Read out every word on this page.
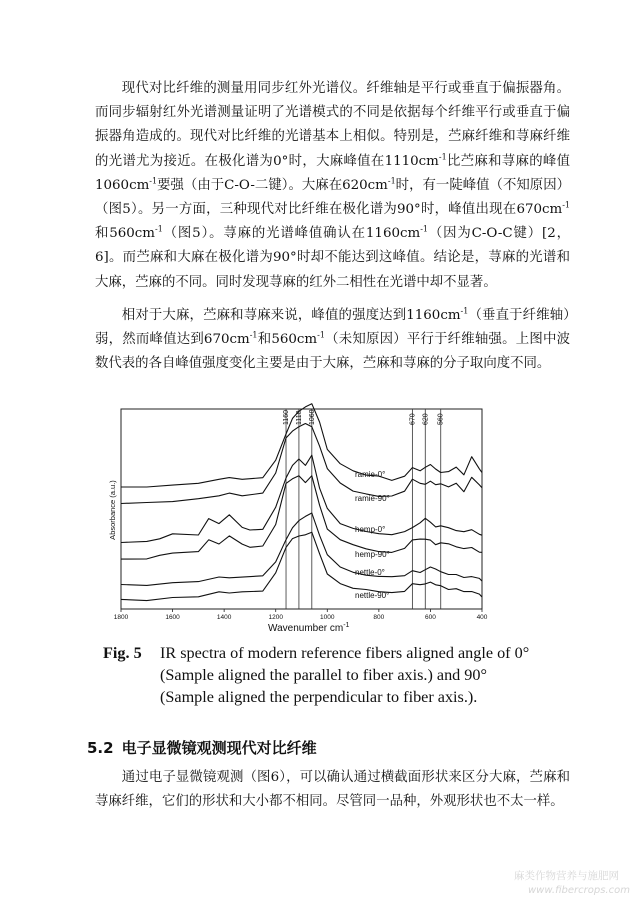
现代对比纤维的测量用同步红外光谱仪。纤维轴是平行或垂直于偏振器角。而同步辐射红外光谱测量证明了光谱模式的不同是依据每个纤维平行或垂直于偏振器角造成的。现代对比纤维的光谱基本上相似。特别是，苎麻纤维和荨麻纤维的光谱尤为接近。在极化谱为0°时，大麻峰值在$1110cm^{-1}$比苎麻和荨麻的峰值$1060cm^{-1}$要强（由于C-O-二键）。大麻在$620cm^{-1}$时，有一陡峰值（不知原因）（图5）。另一方面，三种现代对比纤维在极化谱为90°时，峰值出现在$670cm^{-1}$和$560cm^{-1}$（图5）。荨麻的光谱峰值确认在$1160cm^{-1}$（因为C-O-C键）[2，6]。而苎麻和大麻在极化谱为90°时却不能达到这峰值。结论是，荨麻的光谱和大麻，苎麻的不同。同时发现荨麻的红外二相性在光谱中却不显著。

相对于大麻，苎麻和荨麻来说，峰值的强度达到$1160cm^{-1}$（垂直于纤维轴）弱，然而峰值达到$670cm^{-1}$和$560cm^{-1}$（未知原因）平行于纤维轴强。上图中波数代表的各自峰值强度变化主要是由于大麻，苎麻和荨麻的分子取向度不同。

1160 1110 1060	670 620 560
ramie-0°
ramie-90°
hemp-0°
hemp-90°
nettle-0°
nettle-90°
1800	1600	1400	1200	1000	800	600	400
Absorbance (a.u.)
Wavenumber $cm^{-1}$
Fig. 5 IR spectra of modern reference fibers aligned angle of 0° (Sample aligned the parallel to fiber axis.) and 90° (Sample aligned the perpendicular to fiber axis.).
5.2 电子显微镜观测现代对比纤维

通过电子显微镜观测（图6），可以确认通过横截面形状来区分大麻，苎麻和荨麻纤维，它们的形状和大小都不相同。尽管同一品种，外观形状也不太一样。

麻类作物营养与施肥网
www.fibercrops.com
